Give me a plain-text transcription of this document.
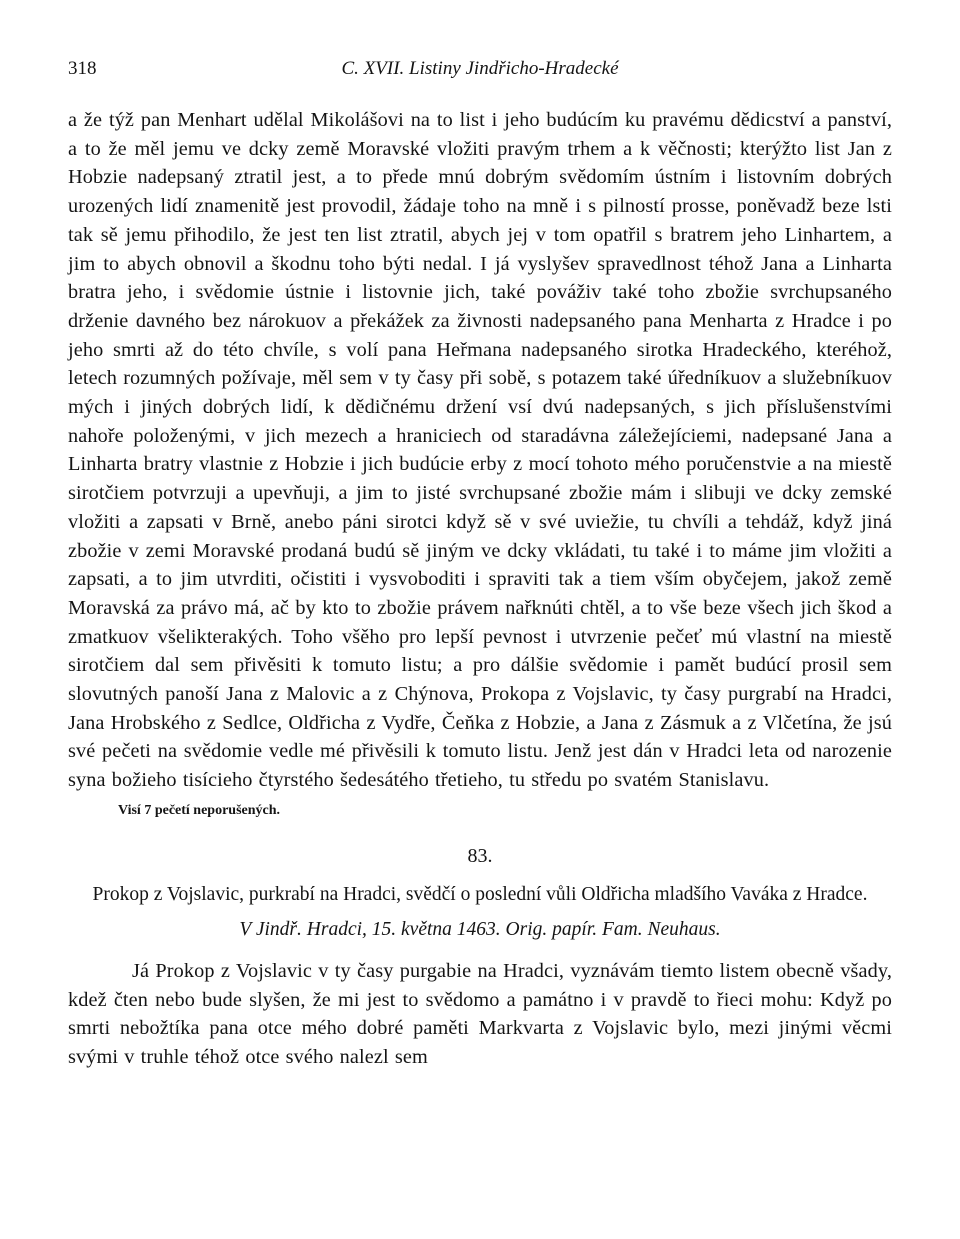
318	C. XVII. Listiny Jindřicho-Hradecké

a že týž pan Menhart udělal Mikolášovi na to list i jeho budúcím ku pravému dědicství a panství, a to že měl jemu ve dcky země Moravské vložiti pravým trhem a k věčnosti; kterýžto list Jan z Hobzie nadepsaný ztratil jest, a to přede mnú dobrým svědomím ústním i listovním dobrých urozených lidí znamenitě jest provodil, žádaje toho na mně i s pilností prosse, poněvadž beze lsti tak sě jemu přihodilo, že jest ten list ztratil, abych jej v tom opatřil s bratrem jeho Linhartem, a jim to abych obnovil a škodnu toho býti nedal. I já vyslyšev spravedlnost téhož Jana a Linharta bratra jeho, i svědomie ústnie i listovnie jich, také pováživ také toho zbožie svrchupsaného drženie davného bez nárokuov a překážek za živnosti nadepsaného pana Menharta z Hradce i po jeho smrti až do této chvíle, s volí pana Heřmana nadepsaného sirotka Hradeckého, kteréhož, letech rozumných požívaje, měl sem v ty časy při sobě, s potazem také úředníkuov a služebníkuov mých i jiných dobrých lidí, k dědičnému držení vsí dvú nadepsaných, s jich příslušenstvími nahoře položenými, v jich mezech a hraniciech od staradávna záležejíciemi, nadepsané Jana a Linharta bratry vlastnie z Hobzie i jich budúcie erby z mocí tohoto mého poručenstvie a na miestě sirotčiem potvrzuji a upevňuji, a jim to jisté svrchupsané zbožie mám i slibuji ve dcky zemské vložiti a zapsati v Brně, anebo páni sirotci když sě v své uviežie, tu chvíli a tehdáž, když jiná zbožie v zemi Moravské prodaná budú sě jiným ve dcky vkládati, tu také i to máme jim vložiti a zapsati, a to jim utvrditi, očistiti i vysvoboditi i spraviti tak a tiem vším obyčejem, jakož země Moravská za právo má, ač by kto to zbožie právem nařknúti chtěl, a to vše beze všech jich škod a zmatkuov všelikterakých. Toho všěho pro lepší pevnost i utvrzenie pečeť mú vlastní na miestě sirotčiem dal sem přivěsiti k tomuto listu; a pro dálšie svědomie i pamět budúcí prosil sem slovutných panoší Jana z Malovic a z Chýnova, Prokopa z Vojslavic, ty časy purgrabí na Hradci, Jana Hrobského z Sedlce, Oldřicha z Vydře, Čeňka z Hobzie, a Jana z Zásmuk a z Vlčetína, že jsú své pečeti na svědomie vedle mé přivěsili k tomuto listu. Jenž jest dán v Hradci leta od narozenie syna božieho tisícieho čtyrstého šedesátého třetieho, tu středu po svatém Stanislavu.

Visí 7 pečetí neporušených.
83.
Prokop z Vojslavic, purkrabí na Hradci, svědčí o poslední vůli Oldřicha mladšího Vaváka z Hradce.
V Jindř. Hradci, 15. května 1463. Orig. papír. Fam. Neuhaus.

Já Prokop z Vojslavic v ty časy purgabie na Hradci, vyznávám tiemto listem obecně všady, kdež čten nebo bude slyšen, že mi jest to svědomo a památno i v pravdě to řieci mohu: Když po smrti nebožtíka pana otce mého dobré paměti Markvarta z Vojslavic bylo, mezi jinými věcmi svými v truhle téhož otce svého nalezl sem
